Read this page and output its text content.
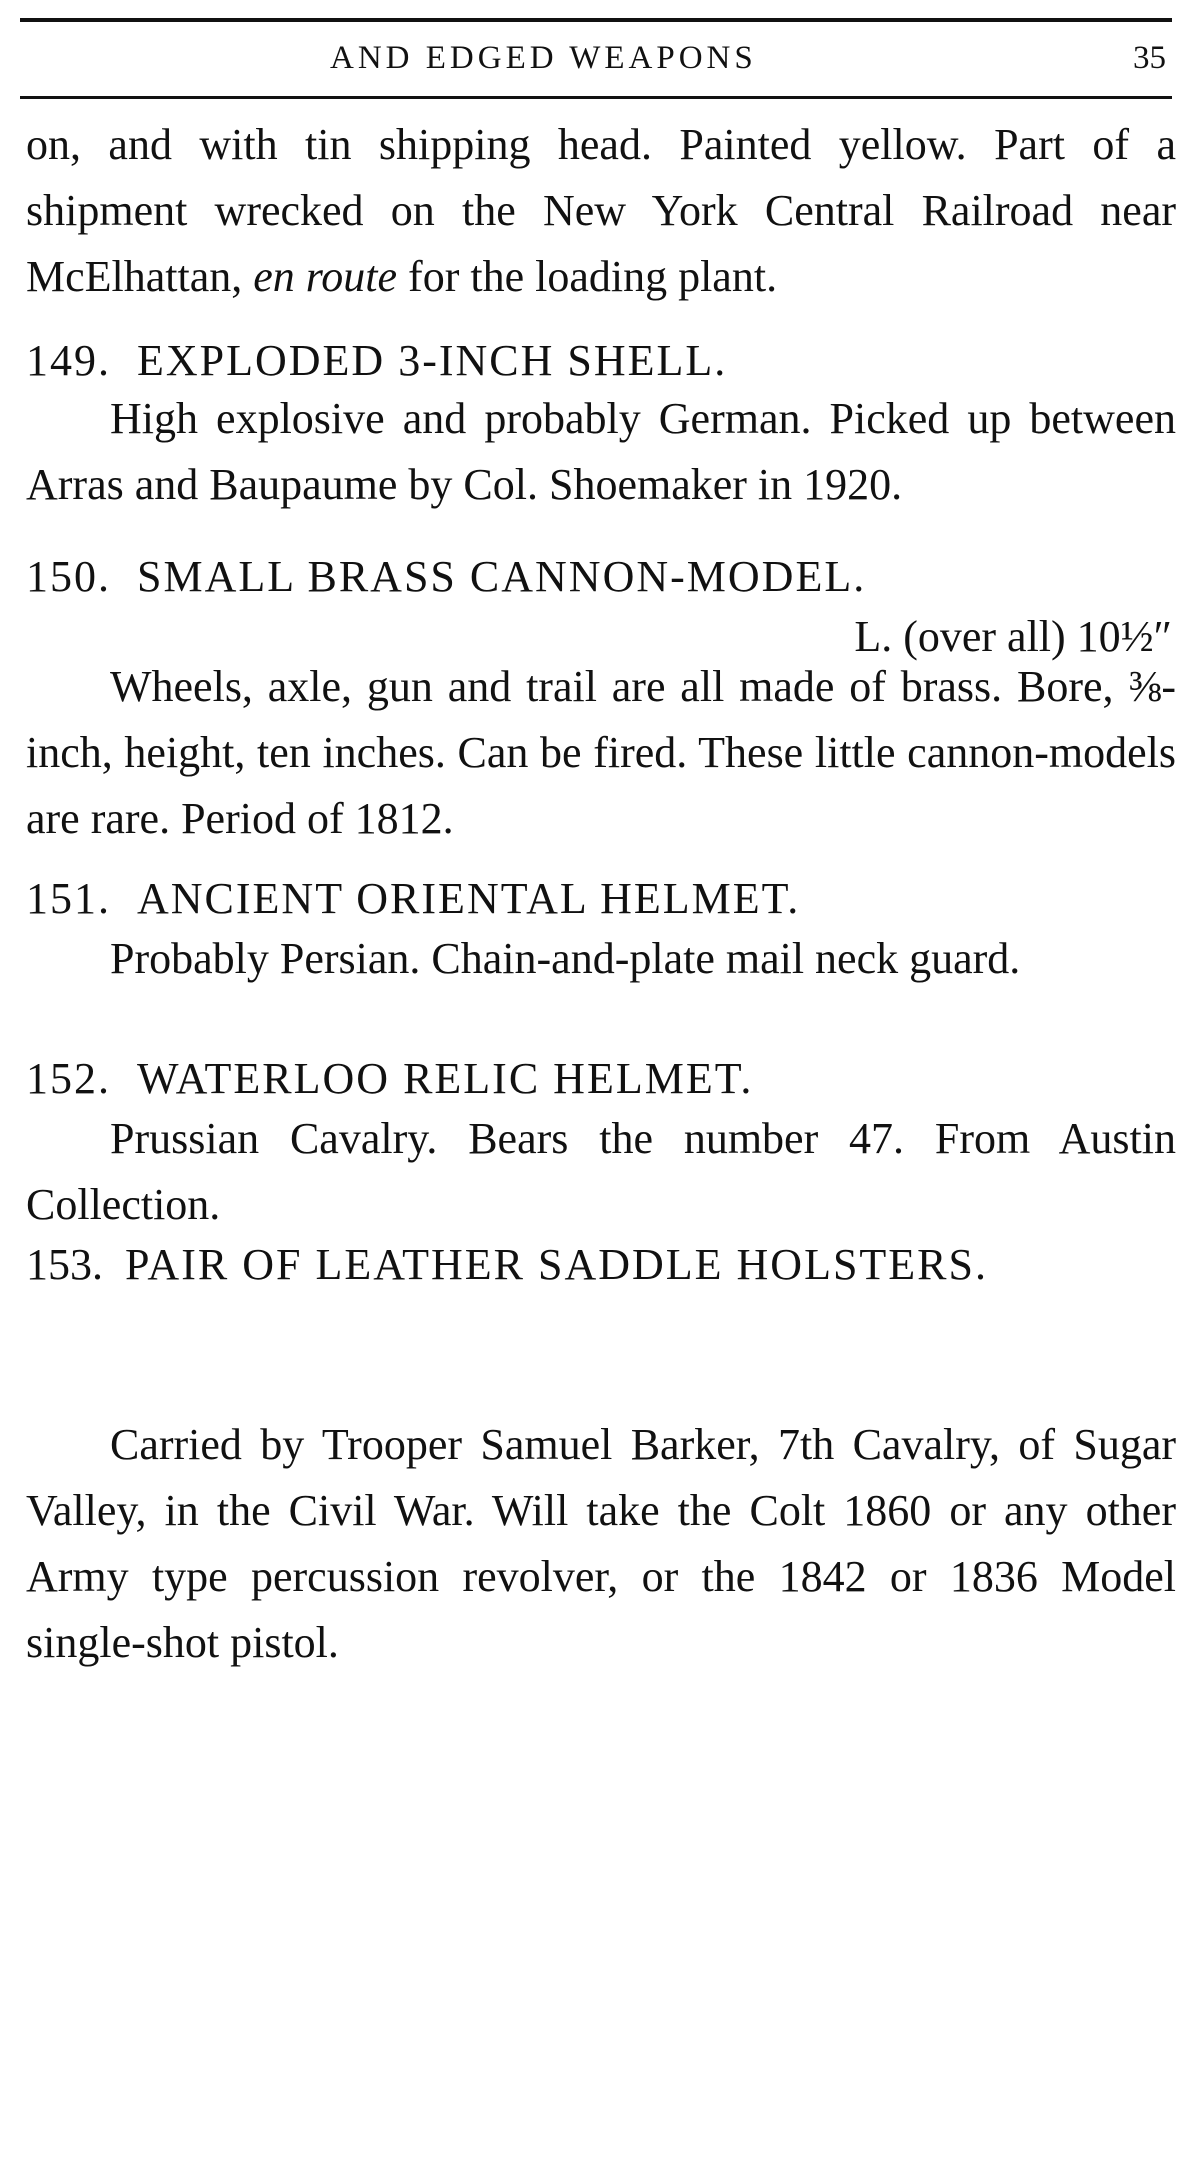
AND EDGED WEAPONS	35
on, and with tin shipping head. Painted yellow. Part of a shipment wrecked on the New York Central Railroad near McElhattan, en route for the loading plant.
149. EXPLODED 3-INCH SHELL.
High explosive and probably German. Picked up between Arras and Baupaume by Col. Shoemaker in 1920.
150. SMALL BRASS CANNON-MODEL.
L. (over all) 10½″
Wheels, axle, gun and trail are all made of brass. Bore, ⅜-inch, height, ten inches. Can be fired. These little cannon-models are rare. Period of 1812.
151. ANCIENT ORIENTAL HELMET.
Probably Persian. Chain-and-plate mail neck guard.
152. WATERLOO RELIC HELMET.
Prussian Cavalry. Bears the number 47. From Austin Collection.
153. PAIR OF LEATHER SADDLE HOLSTERS.
Carried by Trooper Samuel Barker, 7th Cavalry, of Sugar Valley, in the Civil War. Will take the Colt 1860 or any other Army type percussion revolver, or the 1842 or 1836 Model single-shot pistol.
